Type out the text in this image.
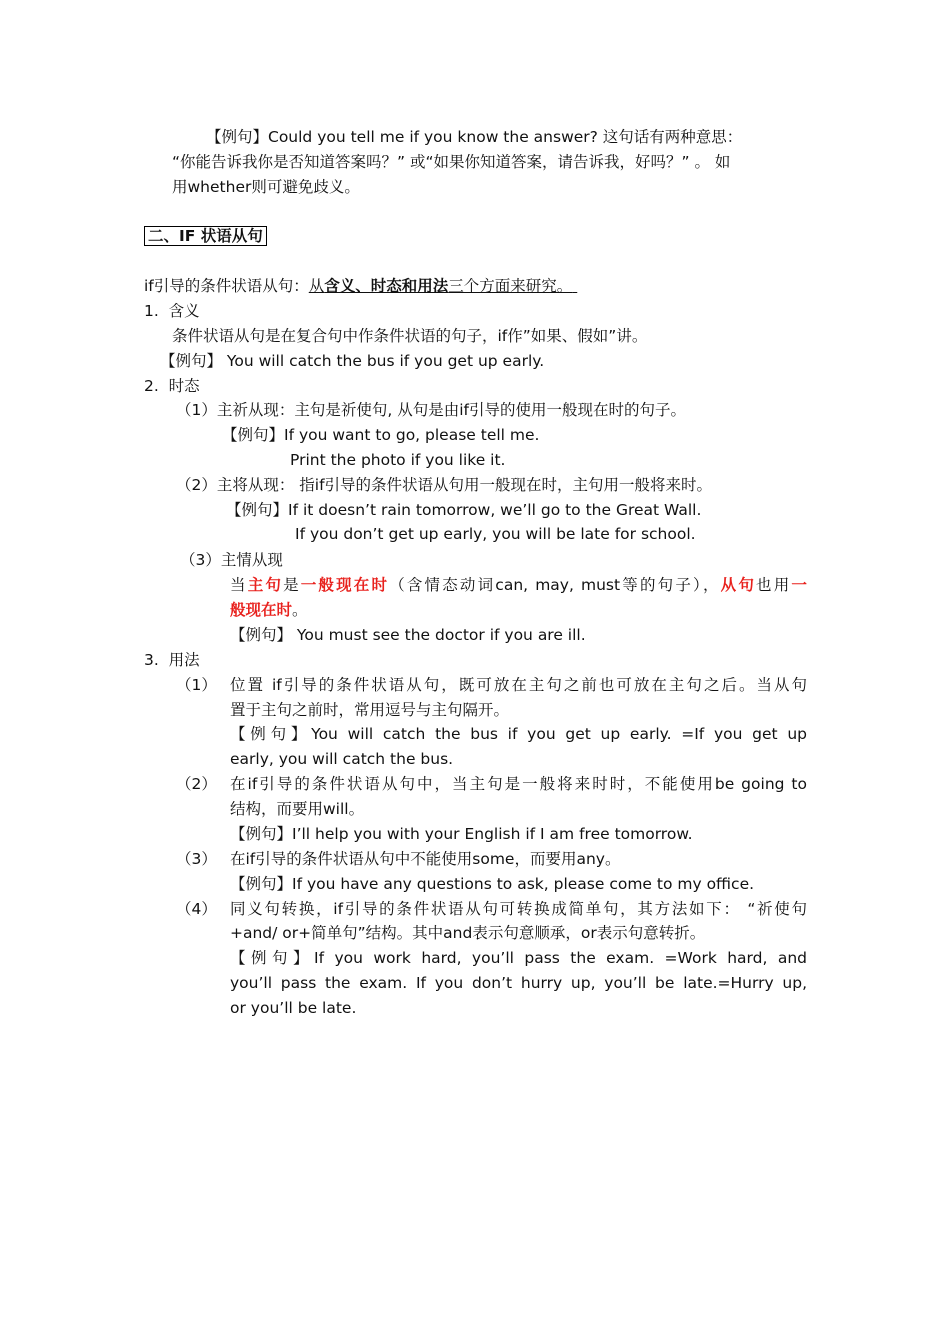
【例句】Could you tell me if you know the answer? 这句话有两种意思：
“你能告诉我你是否知道答案吗？” 或“如果你知道答案，请告诉我，好吗？” 。 如
用whether则可避免歧义。
二、IF 状语从句
if引导的条件状语从句：从含义、时态和用法三个方面来研究。
1. 含义
条件状语从句是在复合句中作条件状语的句子，if作”如果、假如”讲。
【例句】 You will catch the bus if you get up early.
2. 时态
（1）主祈从现：主句是祈使句, 从句是由if引导的使用一般现在时的句子。
【例句】If you want to go, please tell me.
Print the photo if you like it.
（2）主将从现： 指if引导的条件状语从句用一般现在时，主句用一般将来时。
【例句】If it doesn’t rain tomorrow, we’ll go to the Great Wall.
If you don’t get up early, you will be late for school.
（3）主情从现
当主句是一般现在时（含情态动词can, may, must等的句子），从句也用一
般现在时。
【例句】 You must see the doctor if you are ill.
3. 用法
（1） 位置 if引导的条件状语从句，既可放在主句之前也可放在主句之后。当从句
置于主句之前时，常用逗号与主句隔开。
【例句】You will catch the bus if you get up early. =If you get up
early, you will catch the bus.
（2） 在if引导的条件状语从句中，当主句是一般将来时时，不能使用be going to
结构，而要用will。
【例句】I’ll help you with your English if I am free tomorrow.
（3） 在if引导的条件状语从句中不能使用some，而要用any。
【例句】If you have any questions to ask, please come to my office.
（4） 同义句转换，if引导的条件状语从句可转换成简单句，其方法如下： “祈使句
+and/ or+简单句”结构。其中and表示句意顺承，or表示句意转折。
【例句】If you work hard, you’ll pass the exam. =Work hard, and
you’ll pass the exam. If you don’t hurry up, you’ll be late.=Hurry up,
or you’ll be late.
